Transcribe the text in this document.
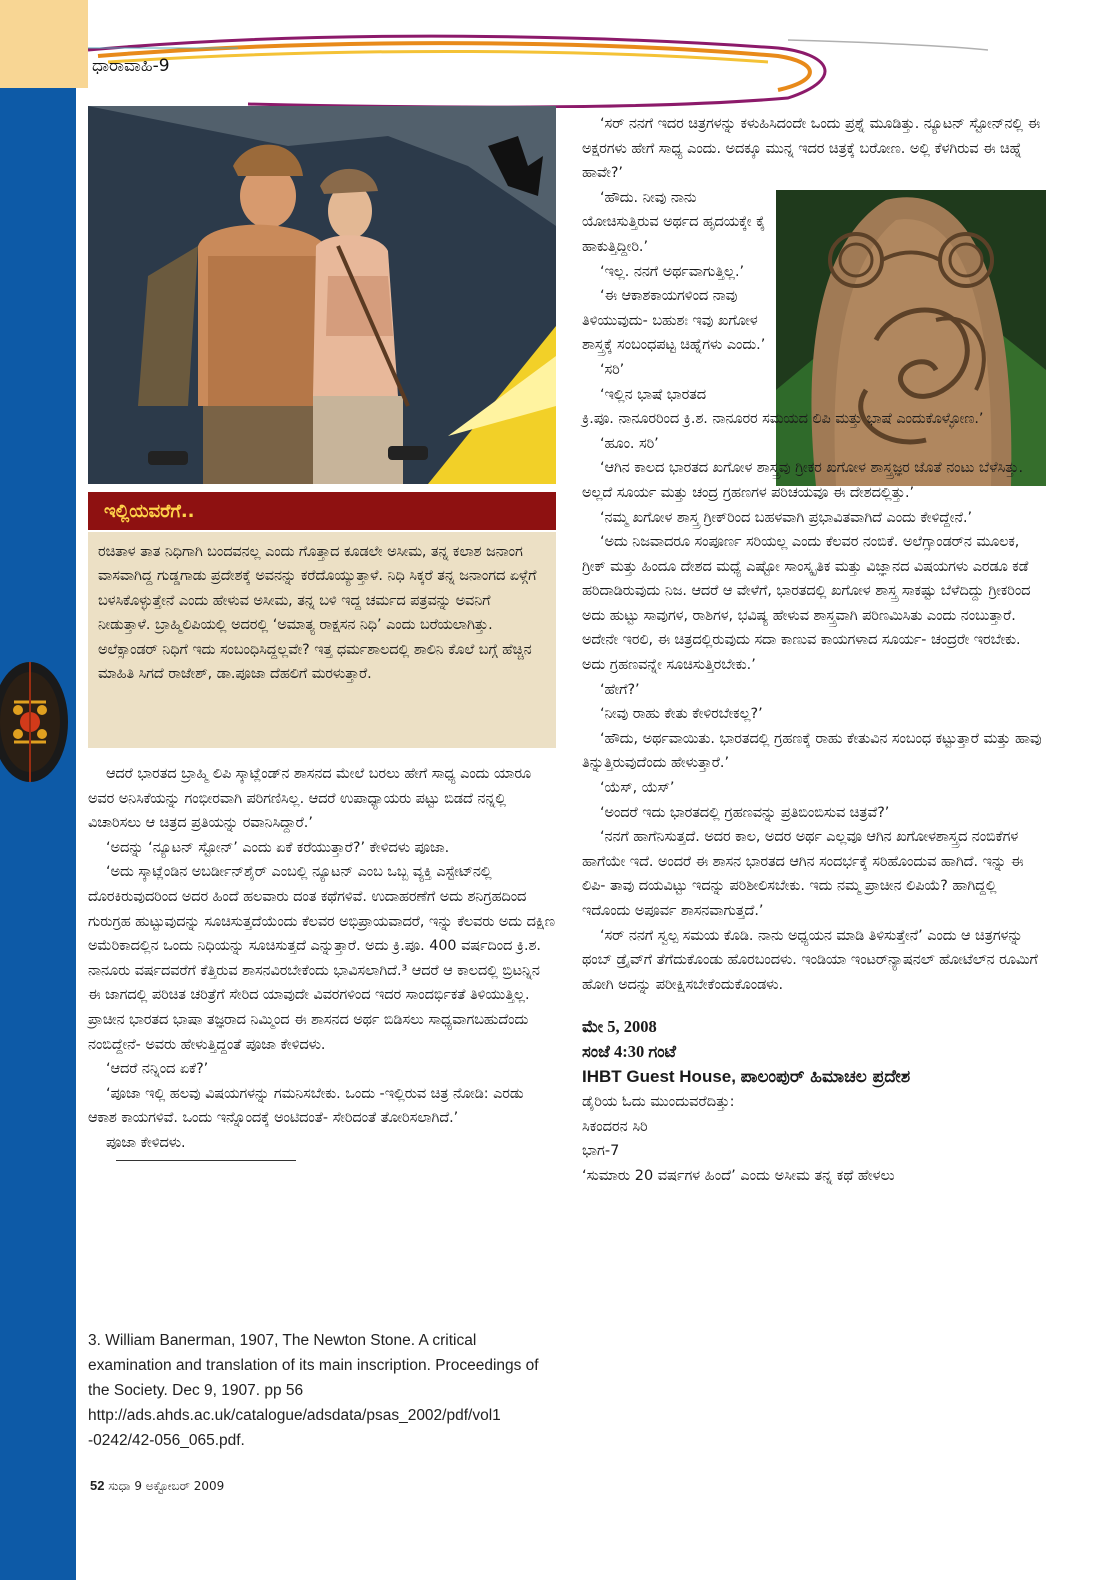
ಧಾರಾವಾಹಿ-9
ಇಲ್ಲಿಯವರೆಗೆ..

ರಚಿತಾಳ ತಾತ ನಿಧಿಗಾಗಿ ಬಂದವನಲ್ಲ ಎಂದು ಗೊತ್ತಾದ ಕೂಡಲೇ ಅಸೀಮ, ತನ್ನ ಕಲಾಶ ಜನಾಂಗ ವಾಸವಾಗಿದ್ದ ಗುಡ್ಡಗಾಡು ಪ್ರದೇಶಕ್ಕೆ ಅವನನ್ನು ಕರೆದೊಯ್ಯುತ್ತಾಳೆ. ನಿಧಿ ಸಿಕ್ಕರೆ ತನ್ನ ಜನಾಂಗದ ಏಳ್ಗೆಗೆ ಬಳಸಿಕೊಳ್ಳುತ್ತೇನೆ ಎಂದು ಹೇಳುವ ಅಸೀಮ, ತನ್ನ ಬಳಿ ಇದ್ದ ಚರ್ಮದ ಪತ್ರವನ್ನು ಅವನಿಗೆ ನೀಡುತ್ತಾಳೆ. ಬ್ರಾಹ್ಮಿಲಿಪಿಯಲ್ಲಿ ಅದರಲ್ಲಿ ‘ಅಮಾತ್ಯ ರಾಕ್ಷಸನ ನಿಧಿ’ ಎಂದು ಬರೆಯಲಾಗಿತ್ತು. ಅಲೆಕ್ಸಾಂಡರ್ ನಿಧಿಗೆ ಇದು ಸಂಬಂಧಿಸಿದ್ದಲ್ಲವೇ? ಇತ್ತ ಧರ್ಮಶಾಲದಲ್ಲಿ ಶಾಲಿನಿ ಕೊಲೆ ಬಗ್ಗೆ ಹೆಚ್ಚಿನ ಮಾಹಿತಿ ಸಿಗದೆ ರಾಜೇಶ್, ಡಾ.ಪೂಜಾ ದೆಹಲಿಗೆ ಮರಳುತ್ತಾರೆ.

ಆದರೆ ಭಾರತದ ಬ್ರಾಹ್ಮಿ ಲಿಪಿ ಸ್ಕಾಟ್ಲೆಂಡ್‌ನ ಶಾಸನದ ಮೇಲೆ ಬರಲು ಹೇಗೆ ಸಾಧ್ಯ ಎಂದು ಯಾರೂ ಅವರ ಅನಿಸಿಕೆಯನ್ನು ಗಂಭೀರವಾಗಿ ಪರಿಗಣಿಸಿಲ್ಲ. ಆದರೆ ಉಪಾಧ್ಯಾಯರು ಪಟ್ಟು ಬಿಡದೆ ನನ್ನಲ್ಲಿ ವಿಚಾರಿಸಲು ಆ ಚಿತ್ರದ ಪ್ರತಿಯನ್ನು ರವಾನಿಸಿದ್ದಾರೆ.’

‘ಅದನ್ನು ‘ನ್ಯೂಟನ್ ಸ್ಟೋನ್’ ಎಂದು ಏಕೆ ಕರೆಯುತ್ತಾರೆ?’ ಕೇಳಿದಳು ಪೂಜಾ.

‘ಅದು ಸ್ಕಾಟ್ಲೆಂಡಿನ ಅಬರ್ಡೀನ್‌ಶೈರ್ ಎಂಬಲ್ಲಿ ನ್ಯೂಟನ್ ಎಂಬ ಒಬ್ಬ ವ್ಯಕ್ತಿ ಎಸ್ಟೇಟ್‌ನಲ್ಲಿ ದೊರಕಿರುವುದರಿಂದ ಅದರ ಹಿಂದೆ ಹಲವಾರು ದಂತ ಕಥೆಗಳಿವೆ. ಉದಾಹರಣೆಗೆ ಅದು ಶನಿಗ್ರಹದಿಂದ ಗುರುಗ್ರಹ ಹುಟ್ಟುವುದನ್ನು ಸೂಚಿಸುತ್ತದೆಯೆಂದು ಕೆಲವರ ಅಭಿಪ್ರಾಯವಾದರೆ, ಇನ್ನು ಕೆಲವರು ಅದು ದಕ್ಷಿಣ ಅಮೆರಿಕಾದಲ್ಲಿನ ಒಂದು ನಿಧಿಯನ್ನು ಸೂಚಿಸುತ್ತದೆ ಎನ್ನುತ್ತಾರೆ. ಅದು ಕ್ರಿ.ಪೂ. 400 ವರ್ಷದಿಂದ ಕ್ರಿ.ಶ. ನಾನೂರು ವರ್ಷದವರೆಗೆ ಕೆತ್ತಿರುವ ಶಾಸನವಿರಬೇಕೆಂದು ಭಾವಿಸಲಾಗಿದೆ.³ ಆದರೆ ಆ ಕಾಲದಲ್ಲಿ ಬ್ರಿಟನ್ನಿನ ಈ ಜಾಗದಲ್ಲಿ ಪರಿಚಿತ ಚರಿತ್ರೆಗೆ ಸೇರಿದ ಯಾವುದೇ ವಿವರಗಳಿಂದ ಇದರ ಸಾಂದರ್ಭಿಕತೆ ತಿಳಿಯುತ್ತಿಲ್ಲ. ಪ್ರಾಚೀನ ಭಾರತದ ಭಾಷಾ ತಜ್ಞರಾದ ನಿಮ್ಮಿಂದ ಈ ಶಾಸನದ ಅರ್ಥ ಬಿಡಿಸಲು ಸಾಧ್ಯವಾಗಬಹುದೆಂದು ನಂಬಿದ್ದೇನೆ- ಅವರು ಹೇಳುತ್ತಿದ್ದಂತೆ ಪೂಜಾ ಕೇಳಿದಳು.

‘ಆದರೆ ನನ್ನಿಂದ ಏಕೆ?’

‘ಪೂಜಾ ಇಲ್ಲಿ ಹಲವು ವಿಷಯಗಳನ್ನು ಗಮನಿಸಬೇಕು. ಒಂದು -ಇಲ್ಲಿರುವ ಚಿತ್ರ ನೋಡಿ: ಎರಡು ಆಕಾಶ ಕಾಯಗಳಿವೆ. ಒಂದು ಇನ್ನೊಂದಕ್ಕೆ ಅಂಟಿದಂತೆ- ಸೇರಿದಂತೆ ತೋರಿಸಲಾಗಿದೆ.’

ಪೂಜಾ ಕೇಳಿದಳು.

3. William Banerman, 1907, The Newton Stone. A critical examination and translation of its main inscription. Proceedings of the Society. Dec 9, 1907. pp 56 http://ads.ahds.ac.uk/catalogue/adsdata/psas_2002/pdf/vol1 -0242/42-056_065.pdf.

‘ಸರ್ ನನಗೆ ಇದರ ಚಿತ್ರಗಳನ್ನು ಕಳುಹಿಸಿದಂದೇ ಒಂದು ಪ್ರಶ್ನೆ ಮೂಡಿತ್ತು. ನ್ಯೂಟನ್ ಸ್ಟೋನ್‌ನಲ್ಲಿ ಈ ಅಕ್ಷರಗಳು ಹೇಗೆ ಸಾಧ್ಯ ಎಂದು. ಅದಕ್ಕೂ ಮುನ್ನ ಇದರ ಚಿತ್ರಕ್ಕೆ ಬರೋಣ. ಅಲ್ಲಿ ಕೆಳಗಿರುವ ಈ ಚಿಹ್ನೆ ಹಾವೇ?’

‘ಹೌದು. ನೀವು ನಾನು ಯೋಚಿಸುತ್ತಿರುವ ಅರ್ಥದ ಹೃದಯಕ್ಕೇ ಕೈ ಹಾಕುತ್ತಿದ್ದೀರಿ.’

‘ಇಲ್ಲ. ನನಗೆ ಅರ್ಥವಾಗುತ್ತಿಲ್ಲ.’

‘ಈ ಆಕಾಶಕಾಯಗಳಿಂದ ನಾವು ತಿಳಿಯುವುದು- ಬಹುಶಃ ಇವು ಖಗೋಳ ಶಾಸ್ತ್ರಕ್ಕೆ ಸಂಬಂಧಪಟ್ಟ ಚಿಹ್ನೆಗಳು ಎಂದು.’

‘ಸರಿ’

‘ಇಲ್ಲಿನ ಭಾಷೆ ಭಾರತದ

ಕ್ರಿ.ಪೂ. ನಾನೂರರಿಂದ ಕ್ರಿ.ಶ. ನಾನೂರರ ಸಮಯದ ಲಿಪಿ ಮತ್ತು ಭಾಷೆ ಎಂದುಕೊಳ್ಳೋಣ.’

‘ಹೂಂ. ಸರಿ’

‘ಆಗಿನ ಕಾಲದ ಭಾರತದ ಖಗೋಳ ಶಾಸ್ತ್ರವು ಗ್ರೀಕರ ಖಗೋಳ ಶಾಸ್ತ್ರಜ್ಞರ ಜೊತೆ ನಂಟು ಬೆಳೆಸಿತ್ತು. ಅಲ್ಲದೆ ಸೂರ್ಯ ಮತ್ತು ಚಂದ್ರ ಗ್ರಹಣಗಳ ಪರಿಚಯವೂ ಈ ದೇಶದಲ್ಲಿತ್ತು.’

‘ನಮ್ಮ ಖಗೋಳ ಶಾಸ್ತ್ರ ಗ್ರೀಕ್‌ರಿಂದ ಬಹಳವಾಗಿ ಪ್ರಭಾವಿತವಾಗಿದೆ ಎಂದು ಕೇಳಿದ್ದೇನೆ.’

‘ಅದು ನಿಜವಾದರೂ ಸಂಪೂರ್ಣ ಸರಿಯಲ್ಲ ಎಂದು ಕೆಲವರ ನಂಬಿಕೆ. ಅಲೆಗ್ಸಾಂಡರ್‌ನ ಮೂಲಕ, ಗ್ರೀಕ್ ಮತ್ತು ಹಿಂದೂ ದೇಶದ ಮಧ್ಯೆ ಎಷ್ಟೋ ಸಾಂಸ್ಕೃತಿಕ ಮತ್ತು ವಿಜ್ಞಾನದ ವಿಷಯಗಳು ಎರಡೂ ಕಡೆ ಹರಿದಾಡಿರುವುದು ನಿಜ. ಆದರೆ ಆ ವೇಳೆಗೆ, ಭಾರತದಲ್ಲಿ ಖಗೋಳ ಶಾಸ್ತ್ರ ಸಾಕಷ್ಟು ಬೆಳೆದಿದ್ದು ಗ್ರೀಕರಿಂದ ಅದು ಹುಟ್ಟು ಸಾವುಗಳ, ರಾಶಿಗಳ, ಭವಿಷ್ಯ ಹೇಳುವ ಶಾಸ್ತ್ರವಾಗಿ ಪರಿಣಮಿಸಿತು ಎಂದು ನಂಬುತ್ತಾರೆ. ಅದೇನೇ ಇರಲಿ, ಈ ಚಿತ್ರದಲ್ಲಿರುವುದು ಸದಾ ಕಾಣುವ ಕಾಯಗಳಾದ ಸೂರ್ಯ- ಚಂದ್ರರೇ ಇರಬೇಕು. ಅದು ಗ್ರಹಣವನ್ನೇ ಸೂಚಿಸುತ್ತಿರಬೇಕು.’

‘ಹೇಗೆ?’

‘ನೀವು ರಾಹು ಕೇತು ಕೇಳಿರಬೇಕಲ್ಲ?’

‘ಹೌದು, ಅರ್ಥವಾಯಿತು. ಭಾರತದಲ್ಲಿ ಗ್ರಹಣಕ್ಕೆ ರಾಹು ಕೇತುವಿನ ಸಂಬಂಧ ಕಟ್ಟುತ್ತಾರೆ ಮತ್ತು ಹಾವು ತಿನ್ನುತ್ತಿರುವುದೆಂದು ಹೇಳುತ್ತಾರೆ.’

‘ಯೆಸ್, ಯೆಸ್’

‘ಅಂದರೆ ಇದು ಭಾರತದಲ್ಲಿ ಗ್ರಹಣವನ್ನು ಪ್ರತಿಬಿಂಬಿಸುವ ಚಿತ್ರವೆ?’

‘ನನಗೆ ಹಾಗೆನಿಸುತ್ತದೆ. ಅದರ ಕಾಲ, ಅದರ ಅರ್ಥ ಎಲ್ಲವೂ ಆಗಿನ ಖಗೋಳಶಾಸ್ತ್ರದ ನಂಬಿಕೆಗಳ ಹಾಗೆಯೇ ಇದೆ. ಅಂದರೆ ಈ ಶಾಸನ ಭಾರತದ ಆಗಿನ ಸಂದರ್ಭಕ್ಕೆ ಸರಿಹೊಂದುವ ಹಾಗಿದೆ. ಇನ್ನು ಈ ಲಿಪಿ- ತಾವು ದಯವಿಟ್ಟು ಇದನ್ನು ಪರಿಶೀಲಿಸಬೇಕು. ಇದು ನಮ್ಮ ಪ್ರಾಚೀನ ಲಿಪಿಯೆ? ಹಾಗಿದ್ದಲ್ಲಿ ಇದೊಂದು ಅಪೂರ್ವ ಶಾಸನವಾಗುತ್ತದೆ.’

‘ಸರ್ ನನಗೆ ಸ್ವಲ್ಪ ಸಮಯ ಕೊಡಿ. ನಾನು ಅಧ್ಯಯನ ಮಾಡಿ ತಿಳಿಸುತ್ತೇನೆ’ ಎಂದು ಆ ಚಿತ್ರಗಳನ್ನು ಥಂಬ್ ಡ್ರೈವ್‌ಗೆ ತೆಗೆದುಕೊಂಡು ಹೊರಬಂದಳು. ಇಂಡಿಯಾ ಇಂಟರ್‌ನ್ಯಾಷನಲ್ ಹೋಟೆಲ್‌ನ ರೂಮಿಗೆ ಹೋಗಿ ಅದನ್ನು ಪರೀಕ್ಷಿಸಬೇಕೆಂದುಕೊಂಡಳು.

ಮೇ 5, 2008
ಸಂಜೆ 4:30 ಗಂಟೆ
IHBT Guest House, ಪಾಲಂಪುರ್ ಹಿಮಾಚಲ ಪ್ರದೇಶ
ಡೈರಿಯ ಓದು ಮುಂದುವರೆದಿತ್ತು:
ಸಿಕಂದರನ ಸಿರಿ
ಭಾಗ-7
‘ಸುಮಾರು 20 ವರ್ಷಗಳ ಹಿಂದೆ’ ಎಂದು ಅಸೀಮ ತನ್ನ ಕಥೆ ಹೇಳಲು
52 ಸುಧಾ 9 ಅಕ್ಟೋಬರ್ 2009
